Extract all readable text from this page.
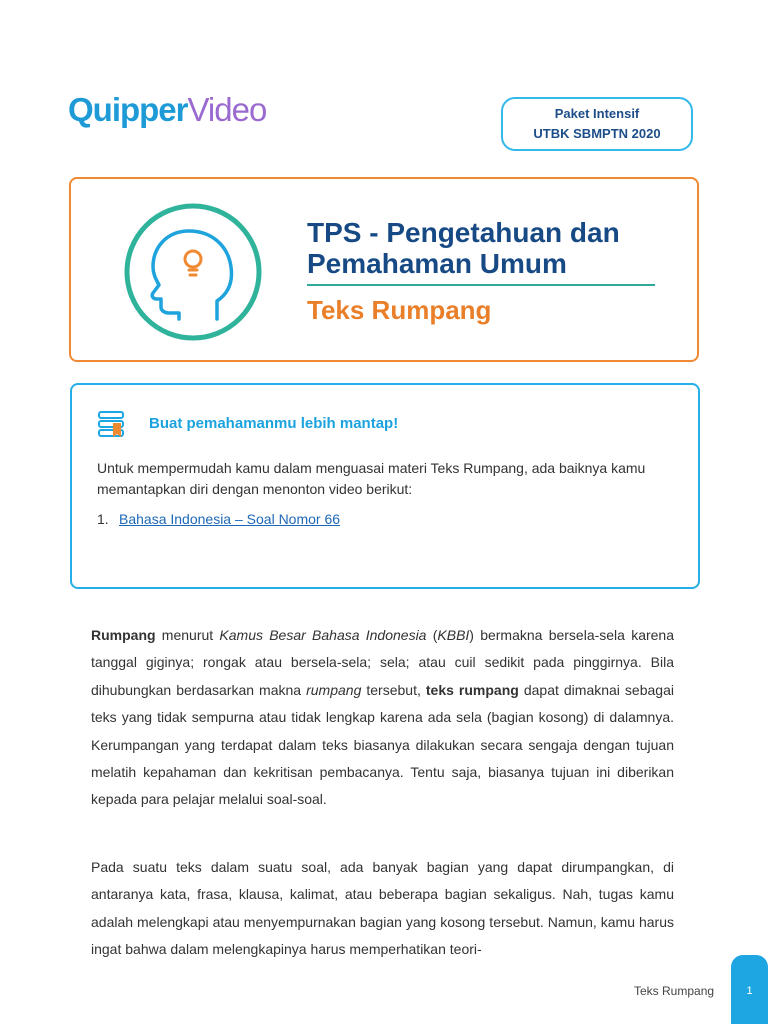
QuipperVideo	Paket Intensif
UTBK SBMPTN 2020
TPS - Pengetahuan dan Pemahaman Umum
Teks Rumpang
Buat pemahamanmu lebih mantap!
Untuk mempermudah kamu dalam menguasai materi Teks Rumpang, ada baiknya kamu memantapkan diri dengan menonton video berikut:
1. Bahasa Indonesia – Soal Nomor 66
Rumpang menurut Kamus Besar Bahasa Indonesia (KBBI) bermakna bersela-sela karena tanggal giginya; rongak atau bersela-sela; sela; atau cuil sedikit pada pinggirnya. Bila dihubungkan berdasarkan makna rumpang tersebut, teks rumpang dapat dimaknai sebagai teks yang tidak sempurna atau tidak lengkap karena ada sela (bagian kosong) di dalamnya. Kerumpangan yang terdapat dalam teks biasanya dilakukan secara sengaja dengan tujuan melatih kepahaman dan kekritisan pembacanya. Tentu saja, biasanya tujuan ini diberikan kepada para pelajar melalui soal-soal.
Pada suatu teks dalam suatu soal, ada banyak bagian yang dapat dirumpangkan, di antaranya kata, frasa, klausa, kalimat, atau beberapa bagian sekaligus. Nah, tugas kamu adalah melengkapi atau menyempurnakan bagian yang kosong tersebut. Namun, kamu harus ingat bahwa dalam melengkapinya harus memperhatikan teori-
Teks Rumpang	1
